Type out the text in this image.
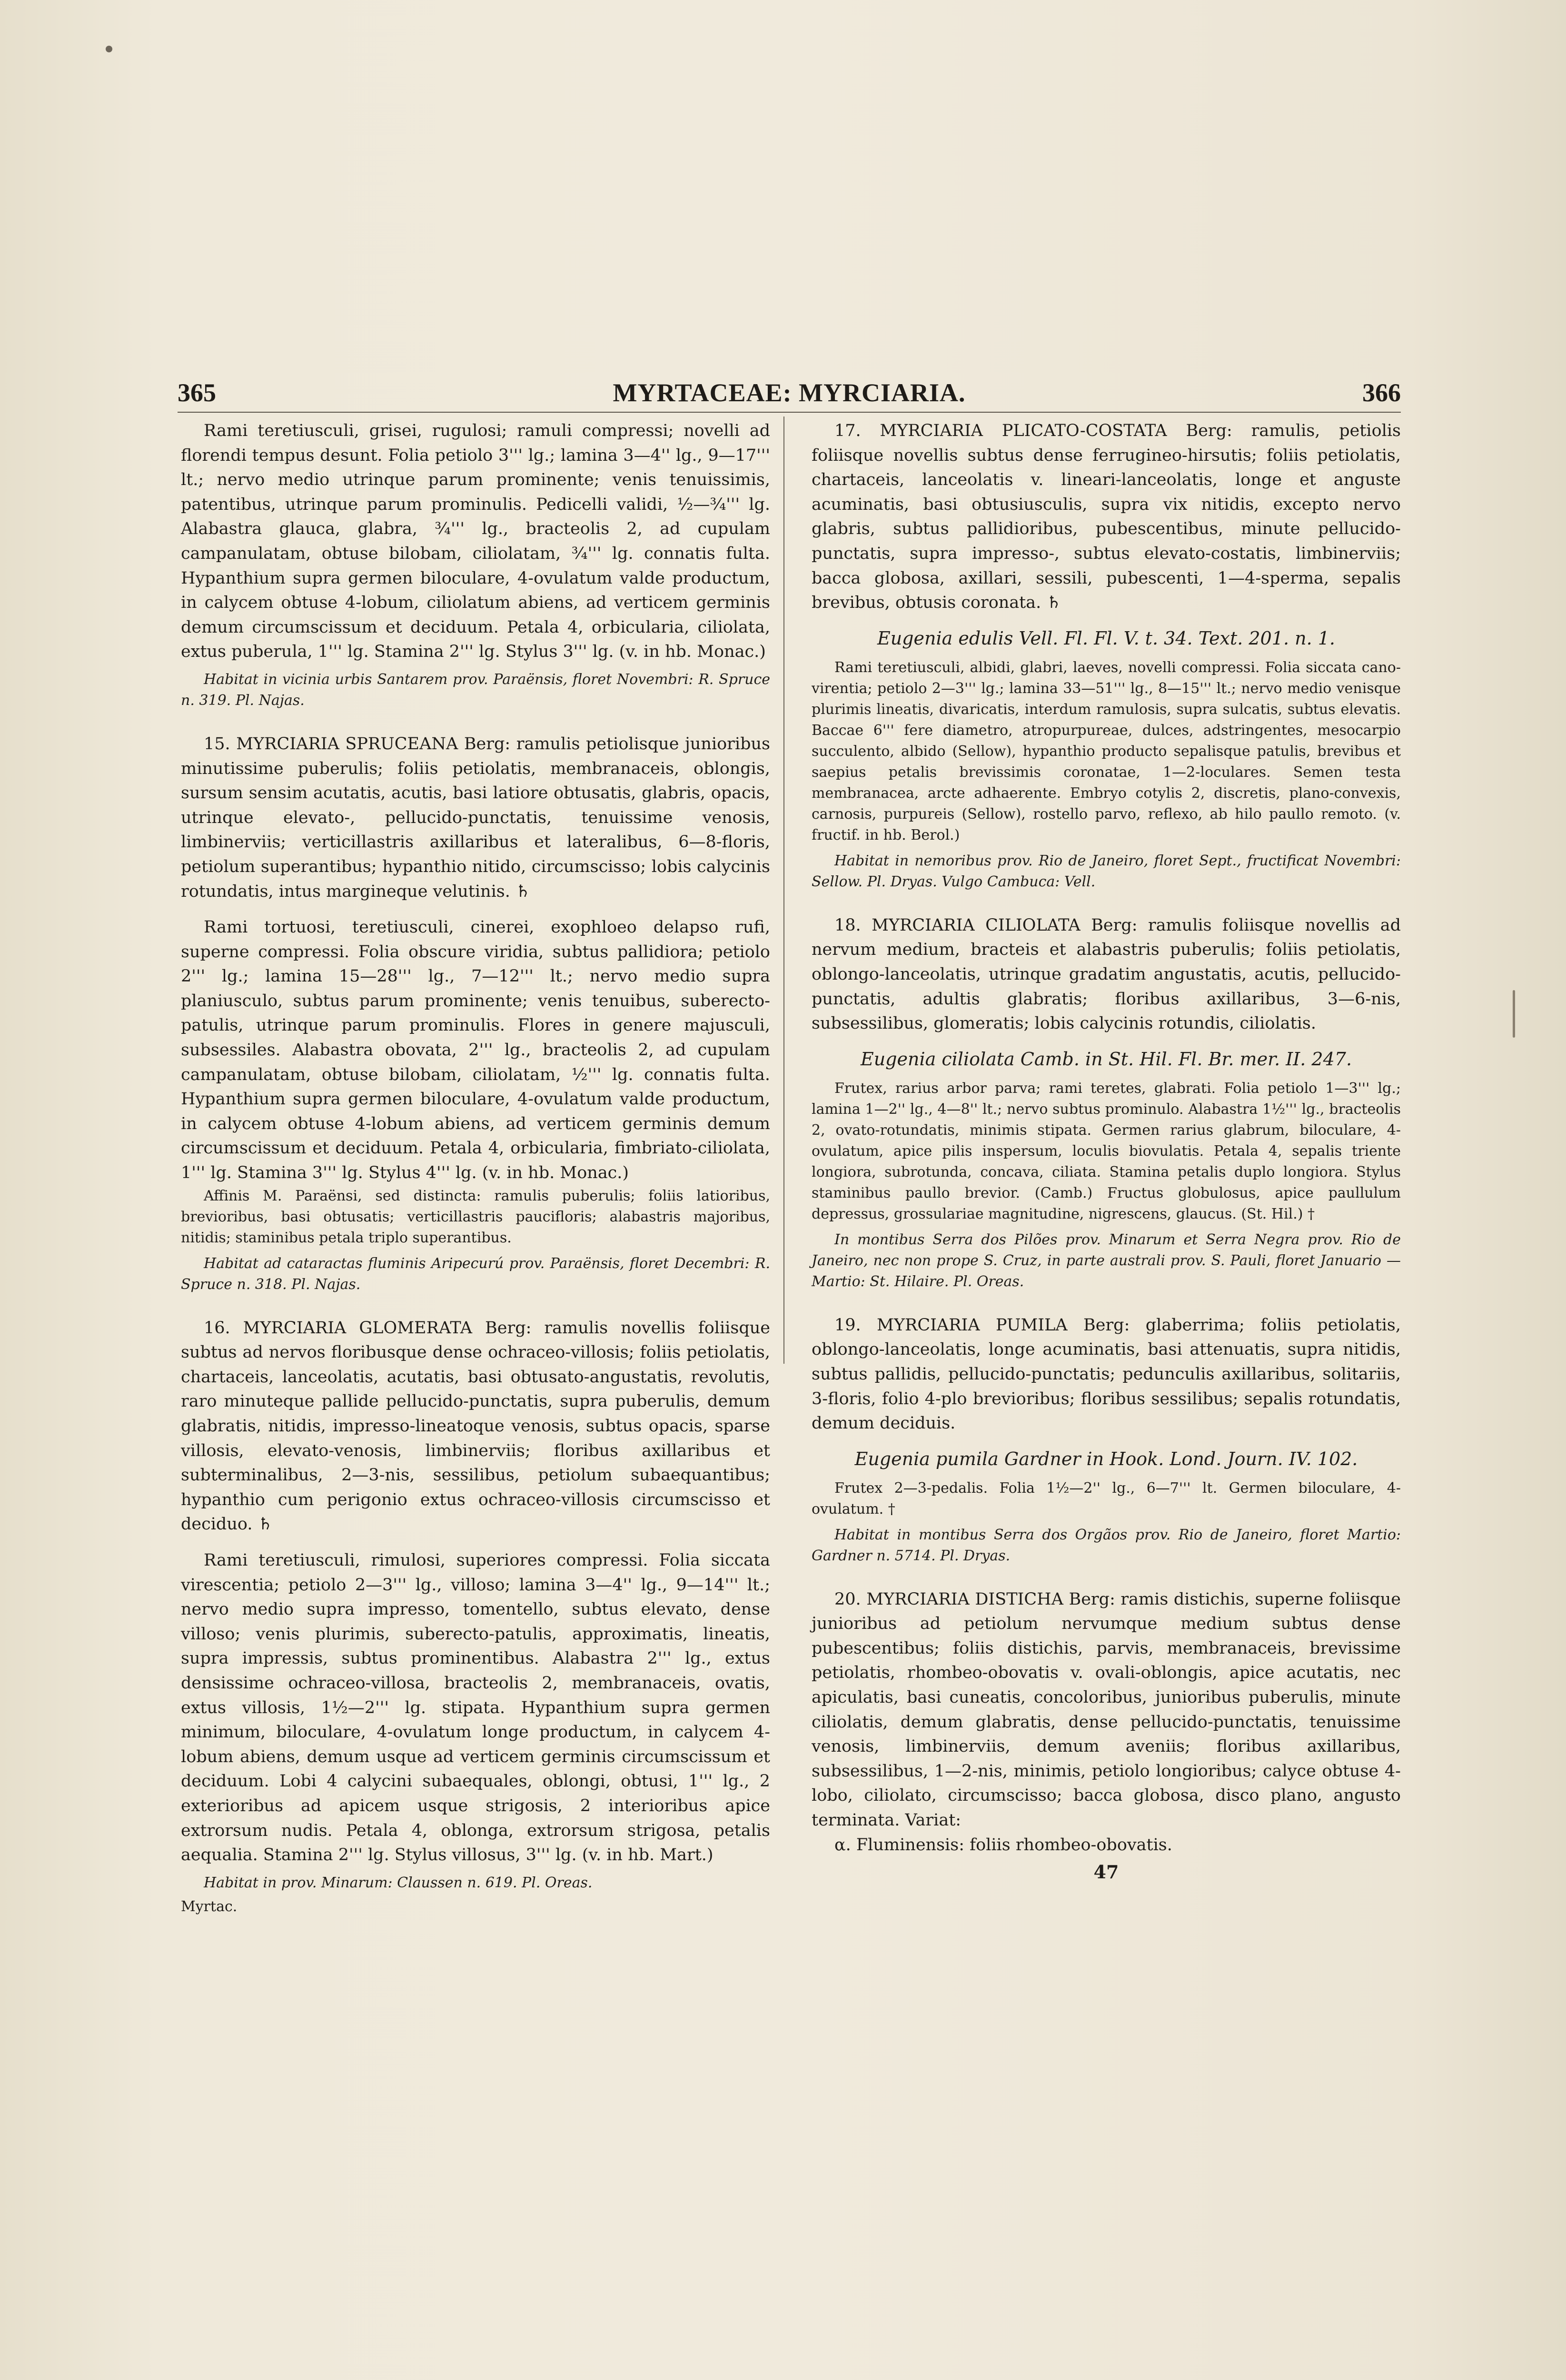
365	MYRTACEAE: MYRCIARIA.	366

Rami teretiusculi, grisei, rugulosi; ramuli compressi; novelli ad florendi tempus desunt. Folia petiolo 3''' lg.; lamina 3—4'' lg., 9—17''' lt.; nervo medio utrinque parum prominente; venis tenuissimis, patentibus, utrinque parum prominulis. Pedicelli validi, ½—¾''' lg. Alabastra glauca, glabra, ¾''' lg., bracteolis 2, ad cupulam campanulatam, obtuse bilobam, ciliolatam, ¾''' lg. connatis fulta. Hypanthium supra germen biloculare, 4-ovulatum valde productum, in calycem obtuse 4-lobum, ciliolatum abiens, ad verticem germinis demum circumscissum et deciduum. Petala 4, orbicularia, ciliolata, extus puberula, 1''' lg. Stamina 2''' lg. Stylus 3''' lg. (v. in hb. Monac.)

Habitat in vicinia urbis Santarem prov. Paraënsis, floret Novembri: R. Spruce n. 319. Pl. Najas.

15. MYRCIARIA SPRUCEANA Berg: ramulis petiolisque junioribus minutissime puberulis; foliis petiolatis, membranaceis, oblongis, sursum sensim acutatis, acutis, basi latiore obtusatis, glabris, opacis, utrinque elevato-, pellucido-punctatis, tenuissime venosis, limbinerviis; verticillastris axillaribus et lateralibus, 6—8-floris, petiolum superantibus; hypanthio nitido, circumscisso; lobis calycinis rotundatis, intus margineque velutinis. ♄

Rami tortuosi, teretiusculi, cinerei, exophloeo delapso rufi, superne compressi. Folia obscure viridia, subtus pallidiora; petiolo 2''' lg.; lamina 15—28''' lg., 7—12''' lt.; nervo medio supra planiusculo, subtus parum prominente; venis tenuibus, suberecto-patulis, utrinque parum prominulis. Flores in genere majusculi, subsessiles. Alabastra obovata, 2''' lg., bracteolis 2, ad cupulam campanulatam, obtuse bilobam, ciliolatam, ½''' lg. connatis fulta. Hypanthium supra germen biloculare, 4-ovulatum valde productum, in calycem obtuse 4-lobum abiens, ad verticem germinis demum circumscissum et deciduum. Petala 4, orbicularia, fimbriato-ciliolata, 1''' lg. Stamina 3''' lg. Stylus 4''' lg. (v. in hb. Monac.)

Affinis M. Paraënsi, sed distincta: ramulis puberulis; foliis latioribus, brevioribus, basi obtusatis; verticillastris paucifloris; alabastris majoribus, nitidis; staminibus petala triplo superantibus.

Habitat ad cataractas fluminis Aripecurú prov. Paraënsis, floret Decembri: R. Spruce n. 318. Pl. Najas.

16. MYRCIARIA GLOMERATA Berg: ramulis novellis foliisque subtus ad nervos floribusque dense ochraceo-villosis; foliis petiolatis, chartaceis, lanceolatis, acutatis, basi obtusato-angustatis, revolutis, raro minuteque pallide pellucido-punctatis, supra puberulis, demum glabratis, nitidis, impresso-lineatoque venosis, subtus opacis, sparse villosis, elevato-venosis, limbinerviis; floribus axillaribus et subterminalibus, 2—3-nis, sessilibus, petiolum subaequantibus; hypanthio cum perigonio extus ochraceo-villosis circumscisso et deciduo. ♄

Rami teretiusculi, rimulosi, superiores compressi. Folia siccata virescentia; petiolo 2—3''' lg., villoso; lamina 3—4'' lg., 9—14''' lt.; nervo medio supra impresso, tomentello, subtus elevato, dense villoso; venis plurimis, suberecto-patulis, approximatis, lineatis, supra impressis, subtus prominentibus. Alabastra 2''' lg., extus densissime ochraceo-villosa, bracteolis 2, membranaceis, ovatis, extus villosis, 1½—2''' lg. stipata. Hypanthium supra germen minimum, biloculare, 4-ovulatum longe productum, in calycem 4-lobum abiens, demum usque ad verticem germinis circumscissum et deciduum. Lobi 4 calycini subaequales, oblongi, obtusi, 1''' lg., 2 exterioribus ad apicem usque strigosis, 2 interioribus apice extrorsum nudis. Petala 4, oblonga, extrorsum strigosa, petalis aequalia. Stamina 2''' lg. Stylus villosus, 3''' lg. (v. in hb. Mart.)

Habitat in prov. Minarum: Claussen n. 619. Pl. Oreas.

Myrtac.

17. MYRCIARIA PLICATO-COSTATA Berg: ramulis, petiolis foliisque novellis subtus dense ferrugineo-hirsutis; foliis petiolatis, chartaceis, lanceolatis v. lineari-lanceolatis, longe et anguste acuminatis, basi obtusiusculis, supra vix nitidis, excepto nervo glabris, subtus pallidioribus, pubescentibus, minute pellucido-punctatis, supra impresso-, subtus elevato-costatis, limbinerviis; bacca globosa, axillari, sessili, pubescenti, 1—4-sperma, sepalis brevibus, obtusis coronata. ♄

Eugenia edulis Vell. Fl. Fl. V. t. 34. Text. 201. n. 1.

Rami teretiusculi, albidi, glabri, laeves, novelli compressi. Folia siccata cano-virentia; petiolo 2—3''' lg.; lamina 33—51''' lg., 8—15''' lt.; nervo medio venisque plurimis lineatis, divaricatis, interdum ramulosis, supra sulcatis, subtus elevatis. Baccae 6''' fere diametro, atropurpureae, dulces, adstringentes, mesocarpio succulento, albido (Sellow), hypanthio producto sepalisque patulis, brevibus et saepius petalis brevissimis coronatae, 1—2-loculares. Semen testa membranacea, arcte adhaerente. Embryo cotylis 2, discretis, plano-convexis, carnosis, purpureis (Sellow), rostello parvo, reflexo, ab hilo paullo remoto. (v. fructif. in hb. Berol.)

Habitat in nemoribus prov. Rio de Janeiro, floret Sept., fructificat Novembri: Sellow. Pl. Dryas. Vulgo Cambuca: Vell.

18. MYRCIARIA CILIOLATA Berg: ramulis foliisque novellis ad nervum medium, bracteis et alabastris puberulis; foliis petiolatis, oblongo-lanceolatis, utrinque gradatim angustatis, acutis, pellucido-punctatis, adultis glabratis; floribus axillaribus, 3—6-nis, subsessilibus, glomeratis; lobis calycinis rotundis, ciliolatis.

Eugenia ciliolata Camb. in St. Hil. Fl. Br. mer. II. 247.

Frutex, rarius arbor parva; rami teretes, glabrati. Folia petiolo 1—3''' lg.; lamina 1—2'' lg., 4—8'' lt.; nervo subtus prominulo. Alabastra 1½''' lg., bracteolis 2, ovato-rotundatis, minimis stipata. Germen rarius glabrum, biloculare, 4-ovulatum, apice pilis inspersum, loculis biovulatis. Petala 4, sepalis triente longiora, subrotunda, concava, ciliata. Stamina petalis duplo longiora. Stylus staminibus paullo brevior. (Camb.) Fructus globulosus, apice paullulum depressus, grossulariae magnitudine, nigrescens, glaucus. (St. Hil.) †

In montibus Serra dos Pilões prov. Minarum et Serra Negra prov. Rio de Janeiro, nec non prope S. Cruz, in parte australi prov. S. Pauli, floret Januario — Martio: St. Hilaire. Pl. Oreas.

19. MYRCIARIA PUMILA Berg: glaberrima; foliis petiolatis, oblongo-lanceolatis, longe acuminatis, basi attenuatis, supra nitidis, subtus pallidis, pellucido-punctatis; pedunculis axillaribus, solitariis, 3-floris, folio 4-plo brevioribus; floribus sessilibus; sepalis rotundatis, demum deciduis.

Eugenia pumila Gardner in Hook. Lond. Journ. IV. 102.

Frutex 2—3-pedalis. Folia 1½—2'' lg., 6—7''' lt. Germen biloculare, 4-ovulatum. †

Habitat in montibus Serra dos Orgãos prov. Rio de Janeiro, floret Martio: Gardner n. 5714. Pl. Dryas.

20. MYRCIARIA DISTICHA Berg: ramis distichis, superne foliisque junioribus ad petiolum nervumque medium subtus dense pubescentibus; foliis distichis, parvis, membranaceis, brevissime petiolatis, rhombeo-obovatis v. ovali-oblongis, apice acutatis, nec apiculatis, basi cuneatis, concoloribus, junioribus puberulis, minute ciliolatis, demum glabratis, dense pellucido-punctatis, tenuissime venosis, limbinerviis, demum aveniis; floribus axillaribus, subsessilibus, 1—2-nis, minimis, petiolo longioribus; calyce obtuse 4-lobo, ciliolato, circumscisso; bacca globosa, disco plano, angusto terminata. Variat:

α. Fluminensis: foliis rhombeo-obovatis.

47
